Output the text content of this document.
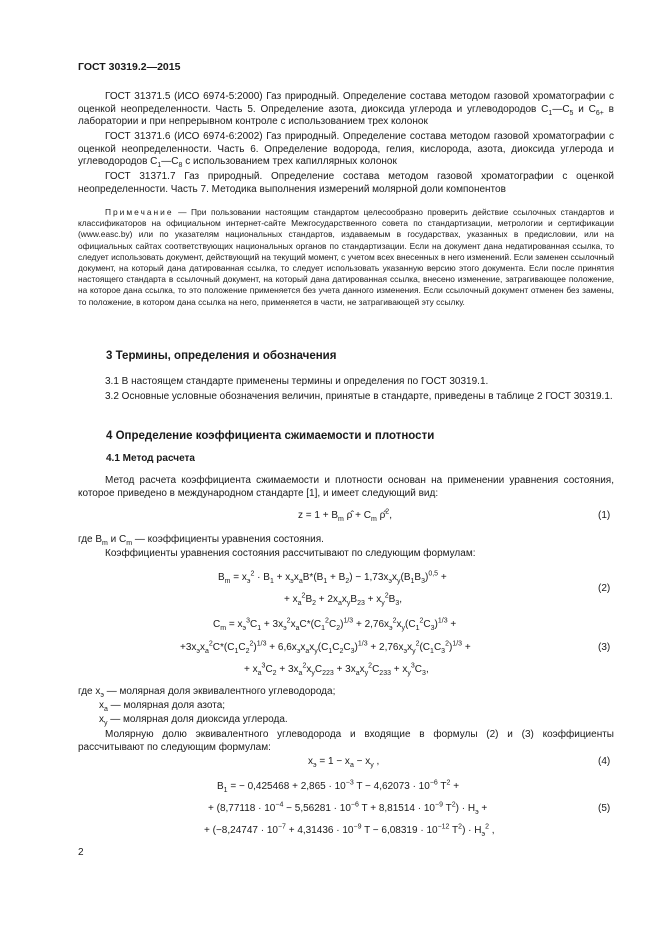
ГОСТ 30319.2—2015
ГОСТ 31371.5 (ИСО 6974-5:2000) Газ природный. Определение состава методом газовой хроматографии с оценкой неопределенности. Часть 5. Определение азота, диоксида углерода и углеводородов $C_1—C_5$ и $C_{6+}$ в лаборатории и при непрерывном контроле с использованием трех колонок
ГОСТ 31371.6 (ИСО 6974-6:2002) Газ природный. Определение состава методом газовой хроматографии с оценкой неопределенности. Часть 6. Определение водорода, гелия, кислорода, азота, диоксида углерода и углеводородов $C_1—C_8$ с использованием трех капиллярных колонок
ГОСТ 31371.7 Газ природный. Определение состава методом газовой хроматографии с оценкой неопределенности. Часть 7. Методика выполнения измерений молярной доли компонентов
Примечание — При пользовании настоящим стандартом целесообразно проверить действие ссылочных стандартов и классификаторов на официальном интернет-сайте Межгосударственного совета по стандартизации, метрологии и сертификации (www.easc.by) или по указателям национальных стандартов, издаваемым в государствах, указанных в предисловии, или на официальных сайтах соответствующих национальных органов по стандартизации. Если на документ дана недатированная ссылка, то следует использовать документ, действующий на текущий момент, с учетом всех внесенных в него изменений. Если заменен ссылочный документ, на который дана датированная ссылка, то следует использовать указанную версию этого документа. Если после принятия настоящего стандарта в ссылочный документ, на который дана датированная ссылка, внесено изменение, затрагивающее положение, на которое дана ссылка, то это положение применяется без учета данного изменения. Если ссылочный документ отменен без замены, то положение, в котором дана ссылка на него, применяется в части, не затрагивающей эту ссылку.
3 Термины, определения и обозначения
3.1 В настоящем стандарте применены термины и определения по ГОСТ 30319.1.
3.2 Основные условные обозначения величин, принятые в стандарте, приведены в таблице 2 ГОСТ 30319.1.
4 Определение коэффициента сжимаемости и плотности
4.1 Метод расчета
Метод расчета коэффициента сжимаемости и плотности основан на применении уравнения состояния, которое приведено в международном стандарте [1], и имеет следующий вид:
$z = 1 + B_m$ ρ̂ + $C_m$ ρ̂$^2$,	(1)
где $B_m$ и $C_m$ — коэффициенты уравнения состояния.
Коэффициенты уравнения состояния рассчитывают по следующим формулам:
$B_m = x_э^2 \cdot B_1 + x_эx_аB*(B_1 + B_2) - 1,73x_эx_у(B_1B_3)^{0,5}$ +
+ $x_а^2B_2 + 2x_аx_уB_{23} + x_у^2B_3$,
(2)
$C_m = x_э^3C_1 + 3x_э^2x_аC*(C_1^2C_2)^{1/3} + 2,76x_э^2x_у(C_1^2C_3)^{1/3}$ +
$+3x_эx_а^2C*(C_1C_2^2)^{1/3} + 6,6x_эx_аx_у(C_1C_2C_3)^{1/3} + 2,76x_эx_у^2(C_1C_3^2)^{1/3}$ +
+ $x_а^3C_2 + 3x_а^2x_уC_{223} + 3x_аx_у^2C_{233} + x_у^3C_3$,
(3)
где $x_э$ — молярная доля эквивалентного углеводорода;
$x_а$ — молярная доля азота;
$x_у$ — молярная доля диоксида углерода.
Молярную долю эквивалентного углеводорода и входящие в формулы (2) и (3) коэффициенты рассчитывают по следующим формулам:
$x_э = 1 - x_а - x_у$ ,	(4)
$B_1$ = − $0,425468 + 2,865 \cdot 10^{-3}$ $T - 4,62073 \cdot 10^{-6}$ $T^2$ +
+ ($8,77118 \cdot 10^{-4} - 5,56281 \cdot 10^{-6}$ $T + 8,81514 \cdot 10^{-9}$ $T^2) \cdot H_э$ +
+ ($-8,24747 \cdot 10^{-7} + 4,31436 \cdot 10^{-9}$ $T - 6,08319 \cdot 10^{-12}$ $T^2) \cdot H_э^2$ ,
(5)
2
